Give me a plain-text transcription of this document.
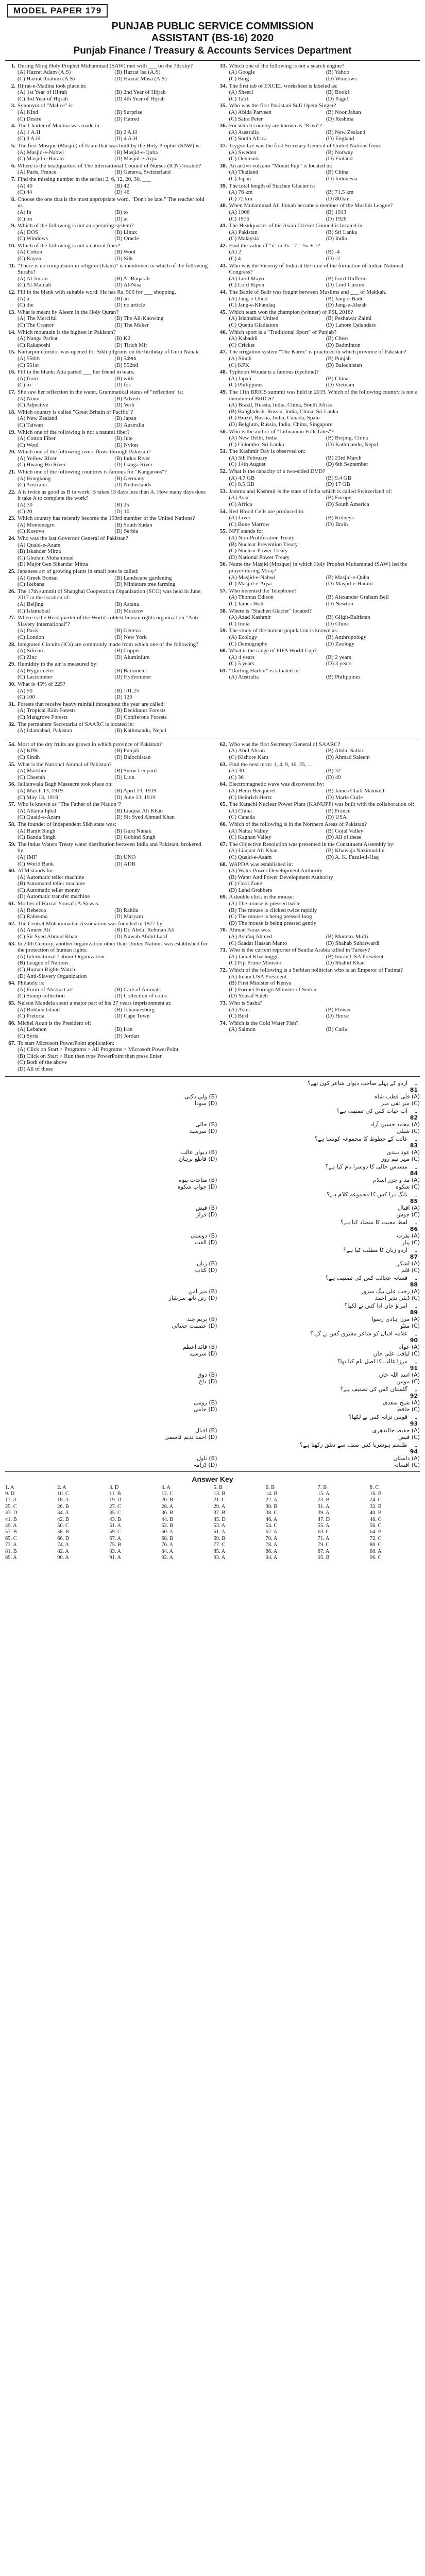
MODEL PAPER 179
PUNJAB PUBLIC SERVICE COMMISSION
ASSISTANT (BS-16) 2020
Punjab Finance / Treasury & Accounts Services Department
1. During Miraj Holy Prophet Muhammad (SAW) met with ___ on the 7th sky?
(A) Hazrat Adam (A.S)	(B) Hazrat Isa (A.S)
(C) Hazrat Ibrahim (A.S)	(D) Hazrat Musa (A.S)
2. Hijrat-e-Madina took place in:
(A) 1st Year of Hijrah	(B) 2nd Year of Hijrah
(C) 3rd Year of Hijrah	(D) 4th Year of Hijrah
3. Synonym of "Malice" is:
(A) Kind	(B) Surprise
(C) Desire	(D) Hatred
4. The Charter of Madina was made in:
(A) 1 A.H	(B) 2 A.H
(C) 3 A.H	(D) 4 A.H
5. The first Mosque (Masjid) of Islam that was built by the Holy Prophet (SAW) is:
(A) Masjid-e-Nabwi	(B) Masjid-e-Quba
(C) Masjid-e-Haram	(D) Masjid-e-Aqsa
6. Where is the headquarters of The International Council of Nurses (ICN) located?
(A) Paris, France	(B) Geneva, Switzerland
7. Find the missing number in the series: 2, 6, 12, 20, 30, ___
(A) 40	(B) 42
(C) 44	(D) 46
8. Choose the one that is the most appropriate word. "Don't be late." The teacher told us
(A) in	(B) to
(C) on	(D) at
9. Which of the following is not an operating system?
(A) DOS	(B) Linux
(C) Windows	(D) Oracle
10. Which of the following is not a natural fiber?
(A) Cotton	(B) Wool
(C) Rayon	(D) Silk
11. "There is no compulsion in religion (Islam)" is mentioned in which of the following Surahs?
(A) Al-Imran	(B) Al-Baqarah
(C) Al-Maidah	(D) Al-Nisa
12. Fill in the blank with suitable word: He has Rs. 500 for ___ shopping.
(A) a	(B) an
(C) the	(D) no article
13. What is meant by Aleem in the Holy Quran?
(A) The Merciful	(B) The All-Knowing
(C) The Creator	(D) The Maker
14. Which mountain is the highest in Pakistan?
(A) Nanga Parbat	(B) K2
(C) Rakaposhi	(D) Tirich Mir
15. Kartarpur corridor was opened for Sikh pilgrims on the birthday of Guru Nanak.
(A) 550th	(B) 549th
(C) 551st	(D) 552nd
16. Fill in the blank: Atia parted ___ her friend in tears.
(A) from	(B) with
(C) to	(D) for
17. She saw her reflection in the water. Grammatical status of "reflection" is:
(A) Noun	(B) Adverb
(C) Adjective	(D) Verb
18. Which country is called "Great Britain of Pacific"?
(A) New Zealand	(B) Japan
(C) Taiwan	(D) Australia
19. Which one of the following is not a natural fiber?
(A) Cotton Fiber	(B) Jute
(C) Wool	(D) Nylon
20. Which one of the following rivers flows through Pakistan?
(A) Yellow River	(B) Indus River
(C) Hwang-Ho River	(D) Ganga River
21. Which one of the following countries is famous for "Kangaroos"?
(A) Hongkong	(B) Germany
(C) Australia	(D) Netherlands
22. A is twice as good as B in work. B takes 15 days less than A. How many days does it take A to complete the work?
(A) 30	(B) 25
(C) 20	(D) 10
23. Which country has recently become the 193rd member of the United Nations?
(A) Montenegro	(B) South Sudan
(C) Kosovo	(D) Serbia
24. Who was the last Governor General of Pakistan?
(A) Quaid-e-Azam
(B) Iskander Mirza
(C) Ghulam Muhammad
(D) Major Gen Sikandar Mirza
25. Japanese art of growing plants in small pots is called:
(A) Greek Bonsai	(B) Landscape gardening
(C) Ikebana	(D) Miniature tree farming
26. The 17th summit of Shanghai Cooperation Organization (SCO) was held in June, 2017 at the location of:
(A) Beijing	(B) Astana
(C) Islamabad	(D) Moscow
27. Where is the Headquarter of the World's oldest human rights organization "Anti-Slavery International"?
(A) Paris	(B) Geneva
(C) London	(D) New York
28. Integrated Circuits (ICs) are commonly made from which one of the following?
(A) Silicon	(B) Copper
(C) Zinc	(D) Aluminium
29. Humidity in the air is measured by:
(A) Hygrometer	(B) Barometer
(C) Lactometer	(D) Hydrometer
30. What is 45% of 225?
(A) 90	(B) 101.25
(C) 100	(D) 120
31. Forests that receive heavy rainfall throughout the year are called:
(A) Tropical Rain Forests	(B) Deciduous Forests
(C) Mangrove Forests	(D) Coniferous Forests
32. The permanent Secretariat of SAARC is located in:
(A) Islamabad, Pakistan	(B) Kathmandu, Nepal
33. Which one of the following is not a search engine?
(A) Google	(B) Yahoo
(C) Bing	(D) Windows
34. The first tab of EXCEL worksheet is labeled as:
(A) Sheet1	(B) Book1
(C) Tab1	(D) Page1
35. Who was the first Pakistani Sufi Opera Singer?
(A) Abida Parveen	(B) Noor Jahan
(C) Saira Peter	(D) Reshma
36. For which country are known as "Kiwi"?
(A) Australia	(B) New Zealand
(C) South Africa	(D) England
37. Trygve Lie was the first Secretary General of United Nations from:
(A) Sweden	(B) Norway
(C) Denmark	(D) Finland
38. An active volcano "Mount Fuji" is located in:
(A) Thailand	(B) China
(C) Japan	(D) Indonesia
39. The total length of Siachen Glacier is:
(A) 76 km	(B) 71.5 km
(C) 72 km	(D) 80 km
40. When Muhammad Ali Jinnah became a member of the Muslim League?
(A) 1906	(B) 1913
(C) 1916	(D) 1920
41. The Headquarter of the Asian Cricket Council is located in:
(A) Pakistan	(B) Sri Lanka
(C) Malaysia	(D) India
42. Find the value of "x" in 3x - 7 = 5x + 1?
(A) 2	(B) -4
(C) 4	(D) -2
43. Who was the Viceroy of India at the time of the formation of Indian National Congress?
(A) Lord Mayo	(B) Lord Dufferin
(C) Lord Ripon	(D) Lord Curzon
44. The Battle of Badr was fought between Muslims and ___ of Makkah.
(A) Jang-e-Uhud	(B) Jang-e-Badr
(C) Jang-e-Khandaq	(D) Jang-e-Ahzab
45. Which team won the champion (winner) of PSL 2018?
(A) Islamabad United	(B) Peshawar Zalmi
(C) Quetta Gladiators	(D) Lahore Qalandars
46. Which sport is a "Traditional Sport" of Punjab?
(A) Kabaddi	(B) Chess
(C) Cricket	(D) Badminton
47. The irrigation system "The Karez" is practiced in which province of Pakistan?
(A) Sindh	(B) Punjab
(C) KPK	(D) Balochistan
48. Typhoon Wouda is a famous (cyclone)?
(A) Japan	(B) China
(C) Philippines	(D) Vietnam
49. The 11th BRICS summit was held in 2019. Which of the following country is not a member of BRICS?
(A) Brazil, Russia, India, China, South Africa
(B) Bangladesh, Russia, India, China, Sri Lanka
(C) Brazil, Russia, India, Canada, Spain
(D) Belgium, Russia, India, China, Singapore
50. Who is the author of "Lithuanian Folk Tales"?
(A) New Delhi, India	(B) Beijing, China
(C) Colombo, Sri Lanka	(D) Kathmandu, Nepal
51. The Kashmir Day is observed on:
(A) 5th February	(B) 23rd March
(C) 14th August	(D) 6th September
52. What is the capacity of a two-sided DVD?
(A) 4.7 GB	(B) 9.4 GB
(C) 8.5 GB	(D) 17 GB
53. Jammu and Kashmir is the state of India which is called Switzerland of:
(A) Asia	(B) Europe
(C) Africa	(D) South America
54. Red Blood Cells are produced in:
(A) Liver	(B) Kidneys
(C) Bone Marrow	(D) Brain
55. NPT stands for:
(A) Non-Proliferation Treaty
(B) Nuclear Prevention Treaty
(C) Nuclear Power Treaty
(D) National Power Treaty
56. Name the Masjid (Mosque) in which Holy Prophet Muhammad (SAW) led the prayer during Miraj?
(A) Masjid-e-Nabwi	(B) Masjid-e-Quba
(C) Masjid-e-Aqsa	(D) Masjid-e-Haram
57. Who invented the Telephone?
(A) Thomas Edison	(B) Alexander Graham Bell
(C) James Watt	(D) Newton
58. Where is "Siachen Glacier" located?
(A) Azad Kashmir	(B) Gilgit-Baltistan
(C) India	(D) China
59. The study of the human population is known as:
(A) Ecology	(B) Anthropology
(C) Demography	(D) Zoology
60. What is the range of FIFA World Cup?
(A) 4 years	(B) 2 years
(C) 5 years	(D) 3 years
61. "Darling Harbor" is situated in:
(A) Australia	(B) Philippines
54. Most of the dry fruits are grown in which province of Pakistan?
(A) KPK	(B) Punjab
(C) Sindh	(D) Balochistan
55. What is the National Animal of Pakistan?
(A) Markhor	(B) Snow Leopard
(C) Cheetah	(D) Lion
56. Jallianwala Bagh Massacre took place on:
(A) March 13, 1919	(B) April 13, 1919
(C) May 13, 1919	(D) June 13, 1919
57. Who is known as "The Father of the Nation"?
(A) Allama Iqbal	(B) Liaquat Ali Khan
(C) Quaid-e-Azam	(D) Sir Syed Ahmad Khan
58. The founder of Independent Sikh state was:
(A) Ranjit Singh	(B) Guru Nanak
(C) Banda Singh	(D) Gobind Singh
59. The Indus Waters Treaty water distribution between India and Pakistan, brokered by:
(A) IMF	(B) UNO
(C) World Bank	(D) ADB
60. ATM stands for:
(A) Automatic teller machine
(B) Automated teller machine
(C) Automatic teller money
(D) Automatic transfer machine
61. Mother of Hazrat Yousaf (A.S) was:
(A) Rebecca	(B) Rahila
(C) Raheema	(D) Maryam
62. The Central Mohammadan Association was founded in 1877 by:
(A) Ameer Ali	(B) Dr. Abdul Rehman Ali
(C) Sir Syed Ahmad Khan	(D) Nawab Abdul Latif
63. In 20th Century, another organization other than United Nations was established for the protection of human rights:
(A) International Labour Organization
(B) League of Nations
(C) Human Rights Watch
(D) Anti-Slavery Organization
64. Philately is:
(A) Form of Abstract art	(B) Care of Animals
(C) Stamp collection	(D) Collection of coins
65. Nelson Mandela spent a major part of his 27 years imprisonment at:
(A) Robben Island	(B) Johannesburg
(C) Pretoria	(D) Cape Town
66. Michel Aoun is the President of:
(A) Lebanon	(B) Iran
(C) Syria	(D) Jordan
67. To start Microsoft PowerPoint application:
(A) Click on Start > Programs > All Programs > Microsoft PowerPoint
(B) Click on Start > Run then type PowerPoint then press Enter
(C) Both of the above
(D) All of these
62. Who was the first Secretary General of SAARC?
(A) Abul Ahsan	(B) Abdul Sattar
(C) Kishore Kant	(D) Ahmad Saleem
63. Find the next term: 1, 4, 9, 16, 25, ...
(A) 30	(B) 32
(C) 36	(D) 49
64. Electromagnetic wave was discovered by:
(A) Henri Becquerel	(B) James Clark Maxwell
(C) Heinrich Hertz	(D) Marie Curie
65. The Karachi Nuclear Power Plant (KANUPP) was built with the collaboration of:
(A) China	(B) France
(C) Canada	(D) USA
66. Which of the following is in the Northern Areas of Pakistan?
(A) Nattar Valley	(B) Gojal Valley
(C) Kaghan Valley	(D) All of these
67. The Objective Resolution was presented in the Constituent Assembly by:
(A) Liaquat Ali Khan	(B) Khawaja Nazimuddin
(C) Quaid-e-Azam	(D) A. K. Fazal-ul-Haq
68. WAPDA was established in:
(A) Water Power Development Authority
(B) Water And Power Development Authority
(C) Cool Zone
(D) Land Grabbers
69. A double click in the mouse:
(A) The mouse is pressed twice
(B) The mouse is clicked twice rapidly
(C) The mouse is being pressed long
(D) The mouse is being pressed gently
70. Ahmad Faraz was:
(A) Ashfaq Ahmed	(B) Mumtaz Mufti
(C) Saadat Hassan Manto	(D) Shahab Suharwardi
71. Who is the current reporter of Saudia Arabia killed in Turkey?
(A) Jamal Khashoggi	(B) Imran USA President
(C) Fiji Prime Minister	(D) Shahid Khan
72. Which of the following is a Serbian politician who is an Emperor of Fatima?
(A) Imam USA President
(B) First Minister of Kenya
(C) Former Foreign Minister of Serbia
(D) Yousaf Saleh
73. Who is Sasha?
(A) Aster	(B) Flower
(C) Bird	(D) Horse
74. Which is the Cold Water Fish?
(A) Salmon	(B) Catla
۔81
اردو کے پہلے صاحب دیوان شاعر کون تھے؟
(A) قلی قطب شاہ
(B) ولی دکنی
(C) میر تقی میر
(D) سودا
۔82
آب حیات کس کی تصنیف ہے؟
(A) محمد حسین آزاد
(B) حالی
(C) شبلی
(D) سرسید
۔83
غالب کے خطوط کا مجموعہ کونسا ہے؟
(A) عود ہندی
(B) دیوان غالب
(C) مہر نیم روز
(D) قاطع برہان
۔84
مسدس حالی کا دوسرا نام کیا ہے؟
(A) مد و جزر اسلام
(B) مناجات بیوہ
(C) شکوہ
(D) جواب شکوہ
۔85
بانگ درا کس کا مجموعہ کلام ہے؟
(A) اقبال
(B) فیض
(C) جوش
(D) فراز
۔86
لفظ محبت کا متضاد کیا ہے؟
(A) نفرت
(B) دوستی
(C) پیار
(D) الفت
۔87
اردو زبان کا مطلب کیا ہے؟
(A) لشکر
(B) زبان
(C) قلم
(D) کتاب
۔88
فسانہ عجائب کس کی تصنیف ہے؟
(A) رجب علی بیگ سرور
(B) میر امن
(C) ڈپٹی نذیر احمد
(D) رتن ناتھ سرشار
۔89
امراؤ جان ادا کس نے لکھا؟
(A) مرزا ہادی رسوا
(B) پریم چند
(C) منٹو
(D) عصمت چغتائی
۔90
علامہ اقبال کو شاعر مشرق کس نے کہا؟
(A) عوام
(B) قائد اعظم
(C) لیاقت علی خان
(D) سرسید
۔91
مرزا غالب کا اصل نام کیا تھا؟
(A) اسد اللہ خان
(B) ذوق
(C) مومن
(D) داغ
۔92
گلستان کس کی تصنیف ہے؟
(A) شیخ سعدی
(B) رومی
(C) حافظ
(D) جامی
۔93
قومی ترانہ کس نے لکھا؟
(A) حفیظ جالندھری
(B) اقبال
(C) فیض
(D) احمد ندیم قاسمی
۔94
طلسم ہوشربا کس صنف سے تعلق رکھتا ہے؟
(A) داستان
(B) ناول
(C) افسانہ
(D) ڈرامہ
Answer Key
1. A	2. A	3. D	4. A	5. B	6. B	7. B	8. C
9. D	10. C	11. B	12. C	13. B	14. B	15. A	16. B
17. A	18. A	19. D	20. B	21. C	22. A	23. B	24. C
25. C	26. B	27. C	28. A	29. A	30. B	31. A	32. B
33. D	34. A	35. C	36. B	37. B	38. C	39. A	40. B
41. B	42. B	43. B	44. B	45. D	46. A	47. D	48. C
49. A	50. C	51. A	52. B	53. A	54. C	55. A	56. C
57. B	58. B	59. C	60. A	61. A	62. A	63. C	64. B
65. C	66. D	67. A	68. B	69. B	70. A	71. A	72. C
73. A	74. A	75. B	76. A	77. C	78. A	79. C	80. C
81. B	82. A	83. A	84. A	85. A	86. A	87. A	88. A
89. A	90. A	91. A	92. A	93. A	94. A	95. B	96. C
